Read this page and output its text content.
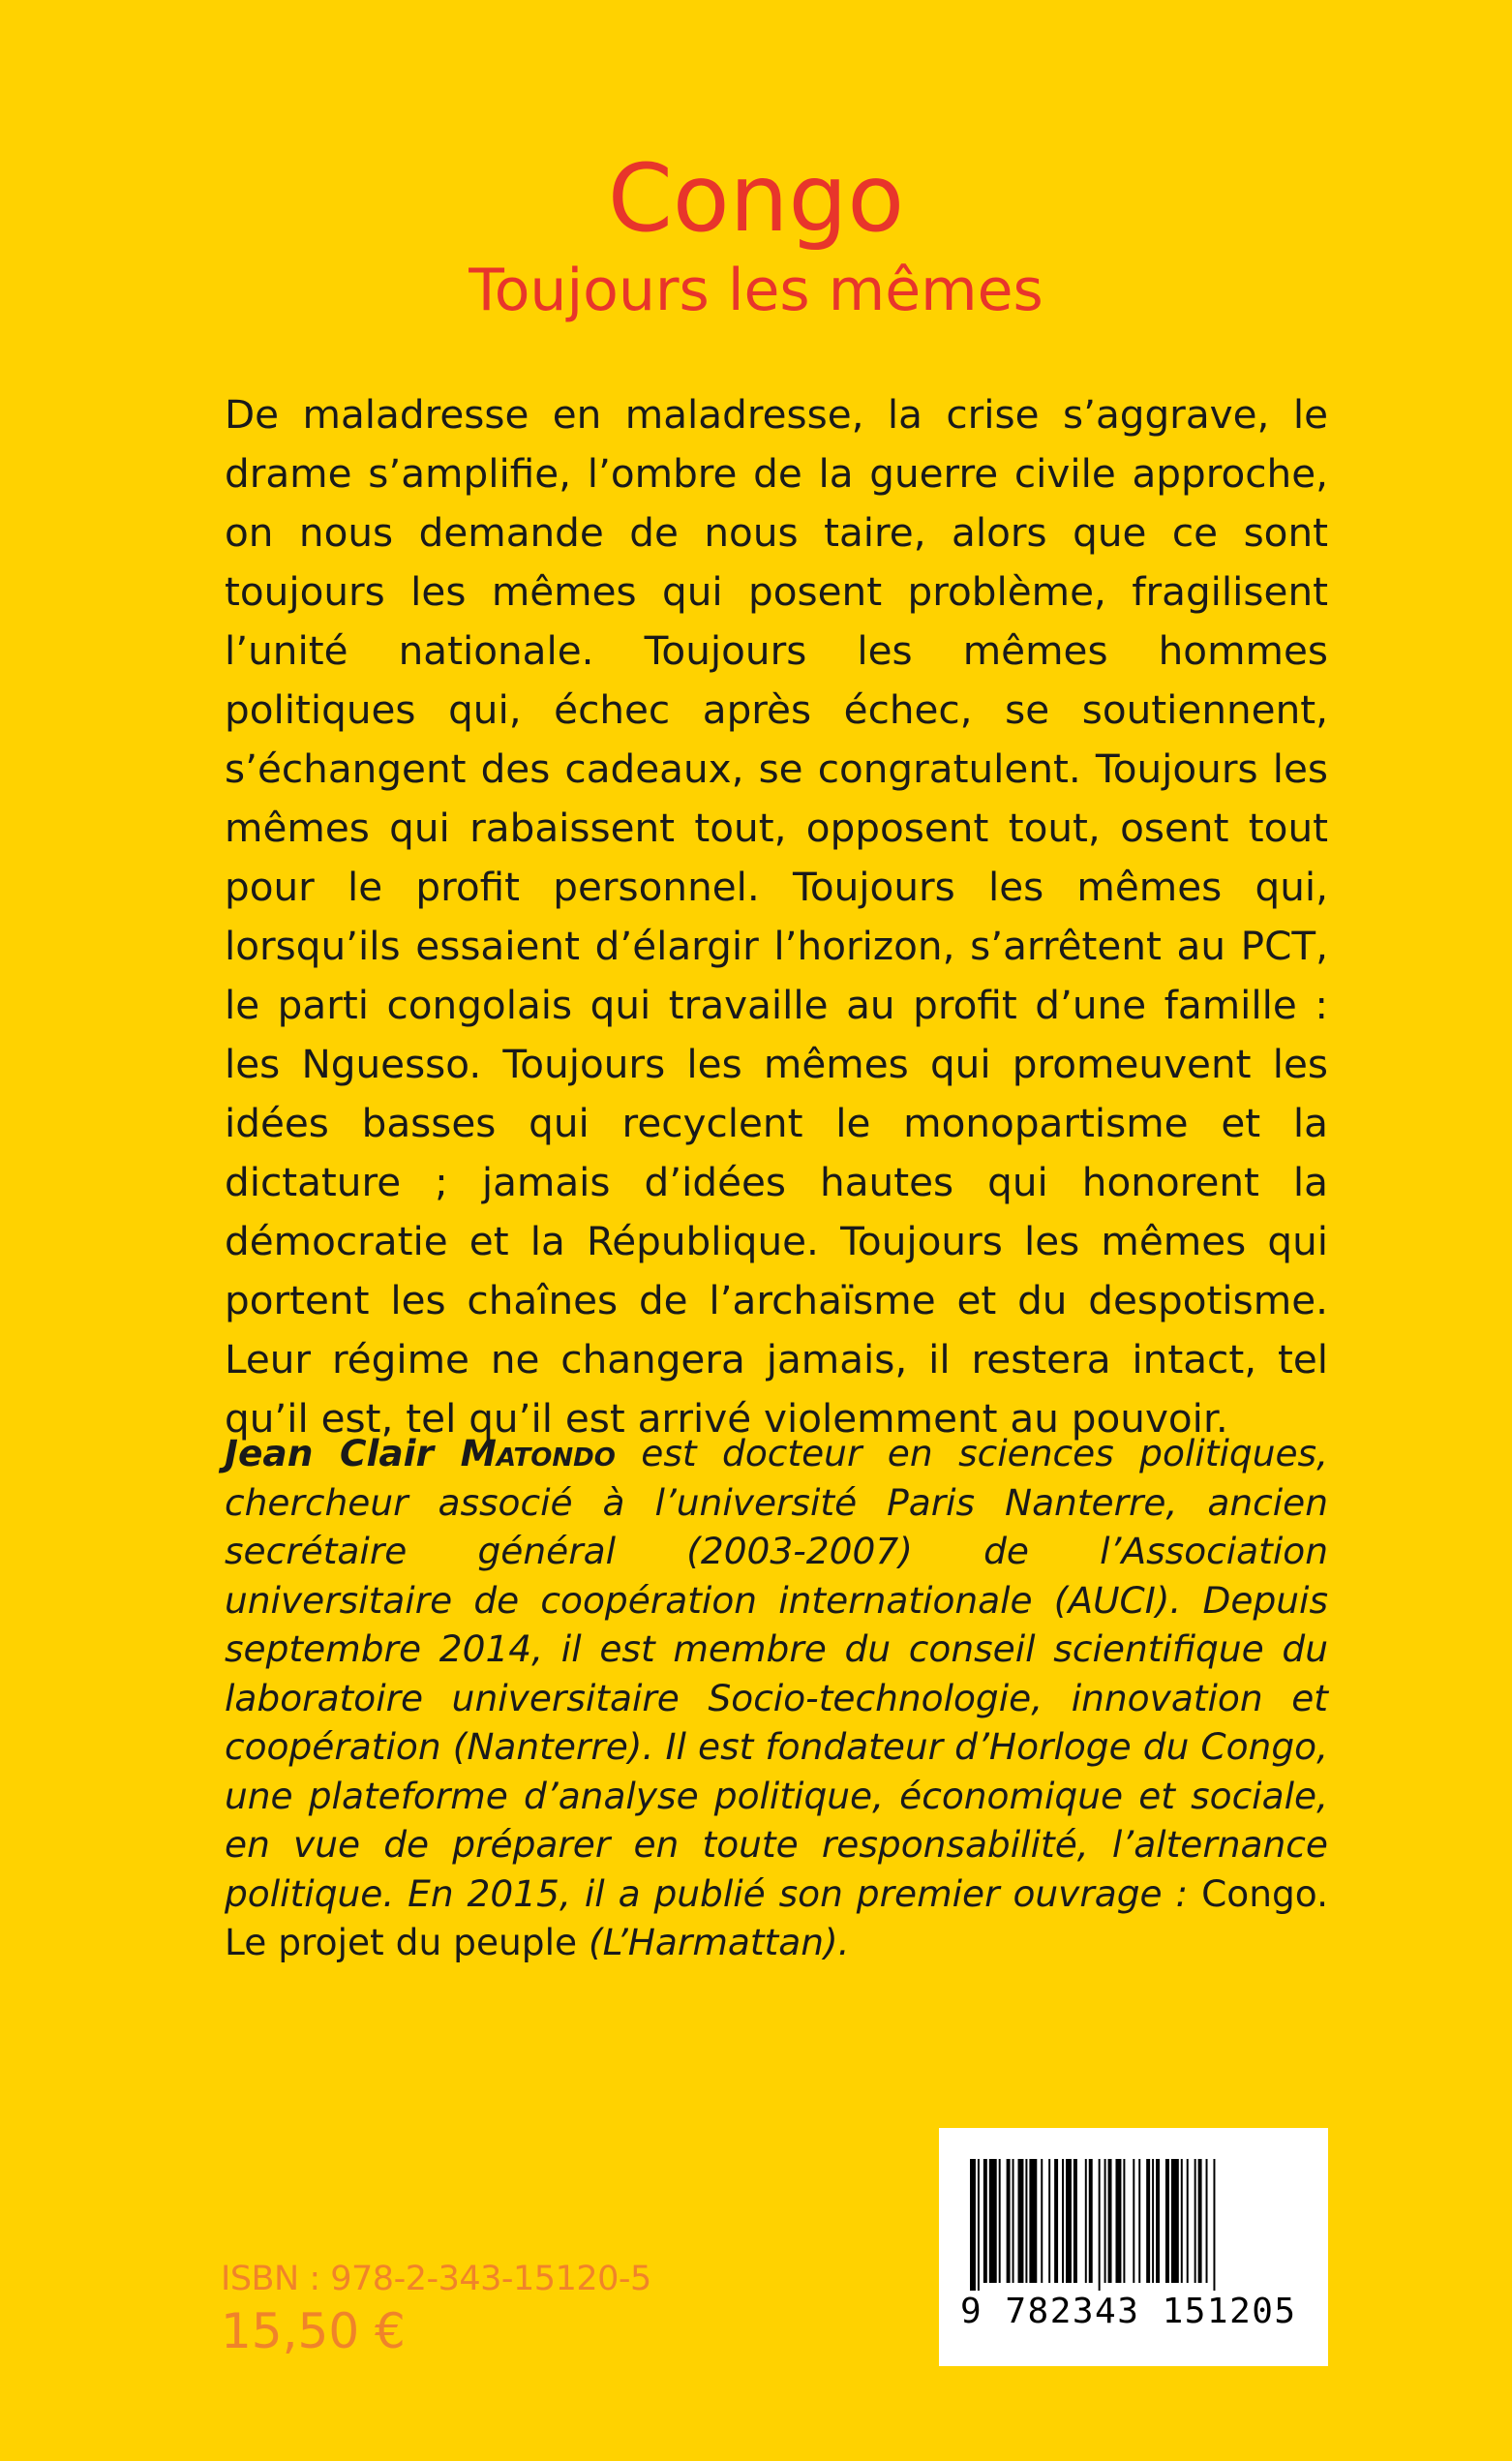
Congo

Toujours les mêmes

De maladresse en maladresse, la crise s’aggrave, le drame s’amplifie, l’ombre de la guerre civile approche, on nous demande de nous taire, alors que ce sont toujours les mêmes qui posent problème, fragilisent l’unité nationale. Toujours les mêmes hommes politiques qui, échec après échec, se soutiennent, s’échangent des cadeaux, se congratulent. Toujours les mêmes qui rabaissent tout, opposent tout, osent tout pour le profit personnel. Toujours les mêmes qui, lorsqu’ils essaient d’élargir l’horizon, s’arrêtent au PCT, le parti congolais qui travaille au profit d’une famille : les Nguesso. Toujours les mêmes qui promeuvent les idées basses qui recyclent le monopartisme et la dictature ; jamais d’idées hautes qui honorent la démocratie et la République. Toujours les mêmes qui portent les chaînes de l’archaïsme et du despotisme. Leur régime ne changera jamais, il restera intact, tel qu’il est, tel qu’il est arrivé violemment au pouvoir.

Jean Clair Matondo est docteur en sciences politiques, chercheur associé à l’université Paris Nanterre, ancien secrétaire général (2003-2007) de l’Association universitaire de coopération internationale (AUCI). Depuis septembre 2014, il est membre du conseil scientifique du laboratoire universitaire Socio-technologie, innovation et coopération (Nanterre). Il est fondateur d’Horloge du Congo, une plateforme d’analyse politique, économique et sociale, en vue de préparer en toute responsabilité, l’alternance politique. En 2015, il a publié son premier ouvrage : Congo. Le projet du peuple (L’Harmattan).

ISBN : 978-2-343-15120-5
15,50 €	9 782343 151205
